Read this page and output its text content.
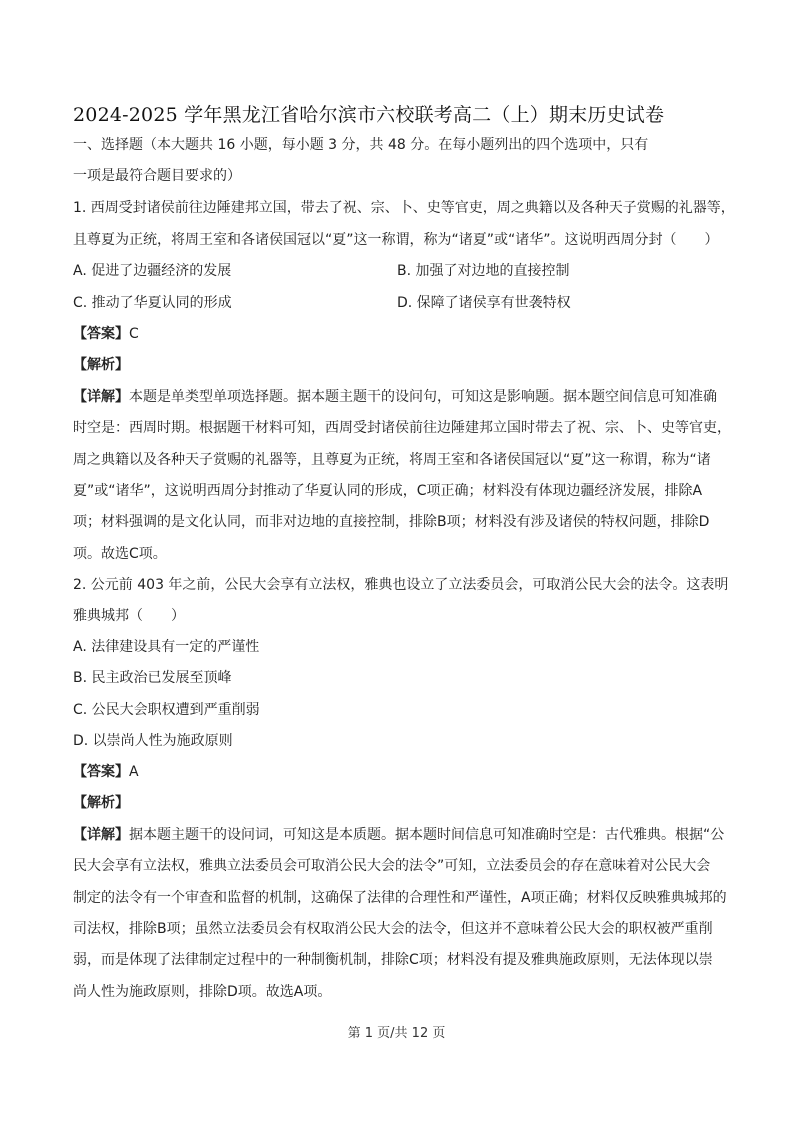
2024-2025 学年黑龙江省哈尔滨市六校联考高二（上）期末历史试卷
一、选择题（本大题共 16 小题，每小题 3 分，共 48 分。在每小题列出的四个选项中，只有
一项是最符合题目要求的）
1. 西周受封诸侯前往边陲建邦立国，带去了祝、宗、卜、史等官吏，周之典籍以及各种天子赏赐的礼器等，
且尊夏为正统，将周王室和各诸侯国冠以“夏”这一称谓，称为“诸夏”或“诸华”。这说明西周分封（　　）
A. 促进了边疆经济的发展	B. 加强了对边地的直接控制
C. 推动了华夏认同的形成	D. 保障了诸侯享有世袭特权
【答案】C
【解析】
【详解】本题是单类型单项选择题。据本题主题干的设问句，可知这是影响题。据本题空间信息可知准确
时空是：西周时期。根据题干材料可知，西周受封诸侯前往边陲建邦立国时带去了祝、宗、卜、史等官吏，
周之典籍以及各种天子赏赐的礼器等，且尊夏为正统，将周王室和各诸侯国冠以“夏”这一称谓，称为“诸
夏”或“诸华”，这说明西周分封推动了华夏认同的形成，C项正确；材料没有体现边疆经济发展，排除A
项；材料强调的是文化认同，而非对边地的直接控制，排除B项；材料没有涉及诸侯的特权问题，排除D
项。故选C项。
2. 公元前 403 年之前，公民大会享有立法权，雅典也设立了立法委员会，可取消公民大会的法令。这表明
雅典城邦（　　）
A. 法律建设具有一定的严谨性
B. 民主政治已发展至顶峰
C. 公民大会职权遭到严重削弱
D. 以崇尚人性为施政原则
【答案】A
【解析】
【详解】据本题主题干的设问词，可知这是本质题。据本题时间信息可知准确时空是：古代雅典。根据“公
民大会享有立法权，雅典立法委员会可取消公民大会的法令”可知，立法委员会的存在意味着对公民大会
制定的法令有一个审查和监督的机制，这确保了法律的合理性和严谨性，A项正确；材料仅反映雅典城邦的
司法权，排除B项；虽然立法委员会有权取消公民大会的法令，但这并不意味着公民大会的职权被严重削
弱，而是体现了法律制定过程中的一种制衡机制，排除C项；材料没有提及雅典施政原则，无法体现以崇
尚人性为施政原则，排除D项。故选A项。
第 1 页/共 12 页
